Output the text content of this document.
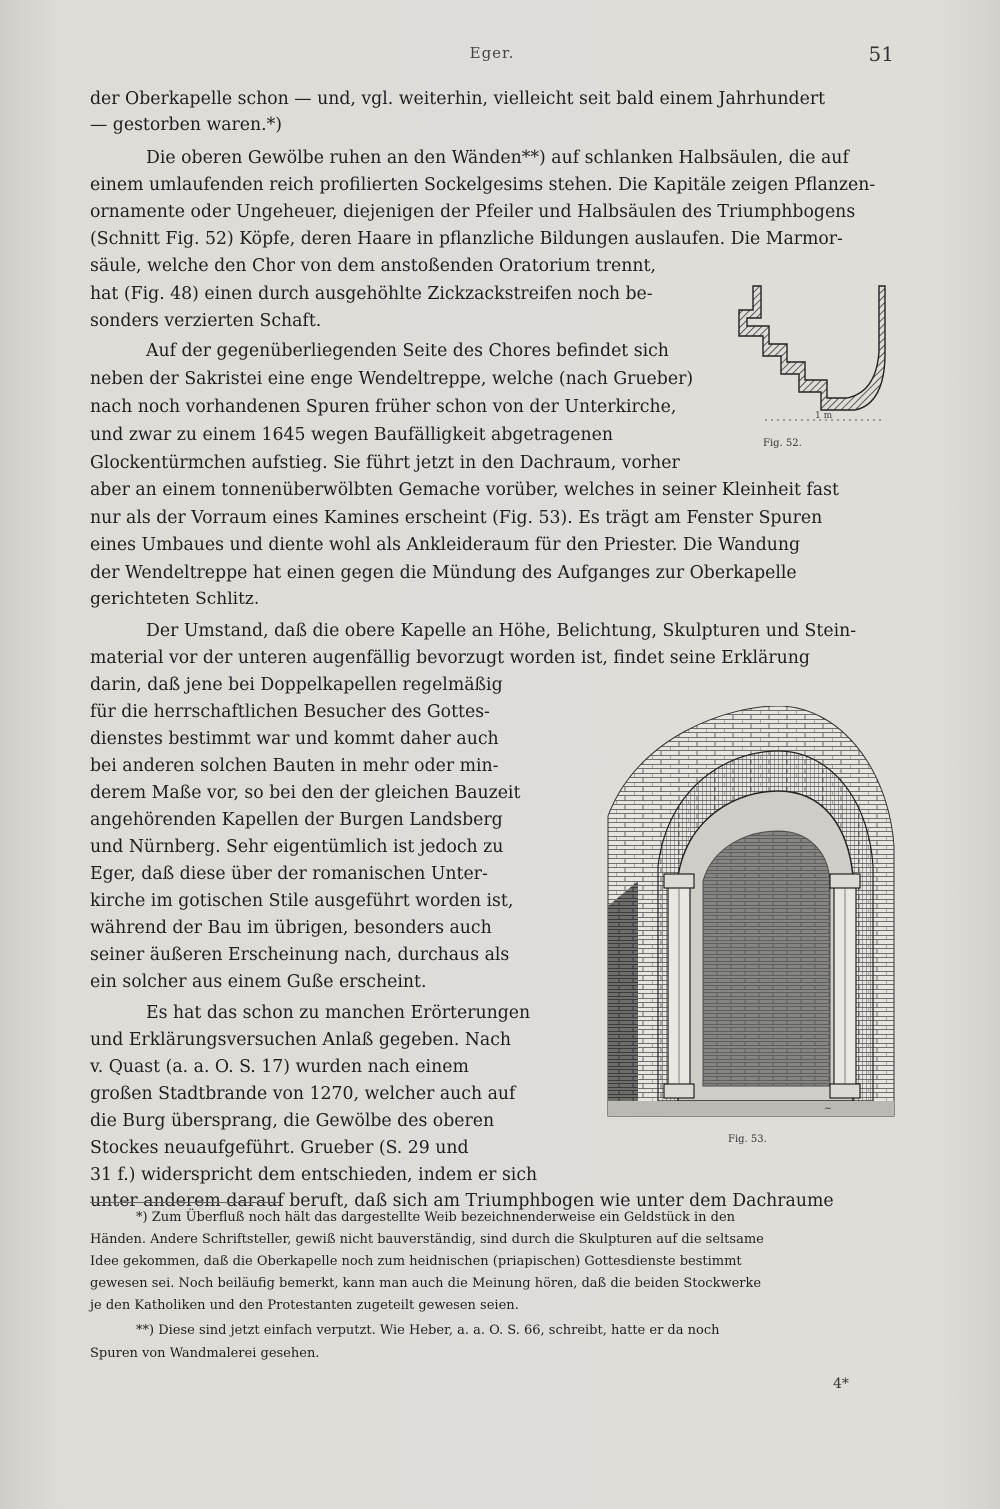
Eger.	51
der Oberkapelle schon — und, vgl. weiterhin, vielleicht seit bald einem Jahrhundert
— gestorben waren.*)
Die oberen Gewölbe ruhen an den Wänden**) auf schlanken Halbsäulen, die auf
einem umlaufenden reich profilierten Sockelgesims stehen. Die Kapitäle zeigen Pflanzen-
ornamente oder Ungeheuer, diejenigen der Pfeiler und Halbsäulen des Triumphbogens
(Schnitt Fig. 52) Köpfe, deren Haare in pflanzliche Bildungen auslaufen. Die Marmor-
säule, welche den Chor von dem anstoßenden Oratorium trennt,
hat (Fig. 48) einen durch ausgehöhlte Zickzackstreifen noch be-
sonders verzierten Schaft.
Auf der gegenüberliegenden Seite des Chores befindet sich
neben der Sakristei eine enge Wendeltreppe, welche (nach Grueber)
nach noch vorhandenen Spuren früher schon von der Unterkirche,
und zwar zu einem 1645 wegen Baufälligkeit abgetragenen
Glockentürmchen aufstieg. Sie führt jetzt in den Dachraum, vorher
aber an einem tonnenüberwölbten Gemache vorüber, welches in seiner Kleinheit fast
nur als der Vorraum eines Kamines erscheint (Fig. 53). Es trägt am Fenster Spuren
eines Umbaues und diente wohl als Ankleideraum für den Priester. Die Wandung
der Wendeltreppe hat einen gegen die Mündung des Aufganges zur Oberkapelle
gerichteten Schlitz.
Der Umstand, daß die obere Kapelle an Höhe, Belichtung, Skulpturen und Stein-
material vor der unteren augenfällig bevorzugt worden ist, findet seine Erklärung
darin, daß jene bei Doppelkapellen regelmäßig
für die herrschaftlichen Besucher des Gottes-
dienstes bestimmt war und kommt daher auch
bei anderen solchen Bauten in mehr oder min-
derem Maße vor, so bei den der gleichen Bauzeit
angehörenden Kapellen der Burgen Landsberg
und Nürnberg. Sehr eigentümlich ist jedoch zu
Eger, daß diese über der romanischen Unter-
kirche im gotischen Stile ausgeführt worden ist,
während der Bau im übrigen, besonders auch
seiner äußeren Erscheinung nach, durchaus als
ein solcher aus einem Guße erscheint.
Es hat das schon zu manchen Erörterungen
und Erklärungsversuchen Anlaß gegeben. Nach
v. Quast (a. a. O. S. 17) wurden nach einem
großen Stadtbrande von 1270, welcher auch auf
die Burg übersprang, die Gewölbe des oberen
Stockes neuaufgeführt. Grueber (S. 29 und
31 f.) widerspricht dem entschieden, indem er sich
unter anderem darauf beruft, daß sich am Triumphbogen wie unter dem Dachraume
1 m
Fig. 52.
~
Fig. 53.
*) Zum Überfluß noch hält das dargestellte Weib bezeichnenderweise ein Geldstück in den
Händen. Andere Schriftsteller, gewiß nicht bauverständig, sind durch die Skulpturen auf die seltsame
Idee gekommen, daß die Oberkapelle noch zum heidnischen (priapischen) Gottesdienste bestimmt
gewesen sei. Noch beiläufig bemerkt, kann man auch die Meinung hören, daß die beiden Stockwerke
je den Katholiken und den Protestanten zugeteilt gewesen seien.
**) Diese sind jetzt einfach verputzt. Wie Heber, a. a. O. S. 66, schreibt, hatte er da noch
Spuren von Wandmalerei gesehen.
4*
